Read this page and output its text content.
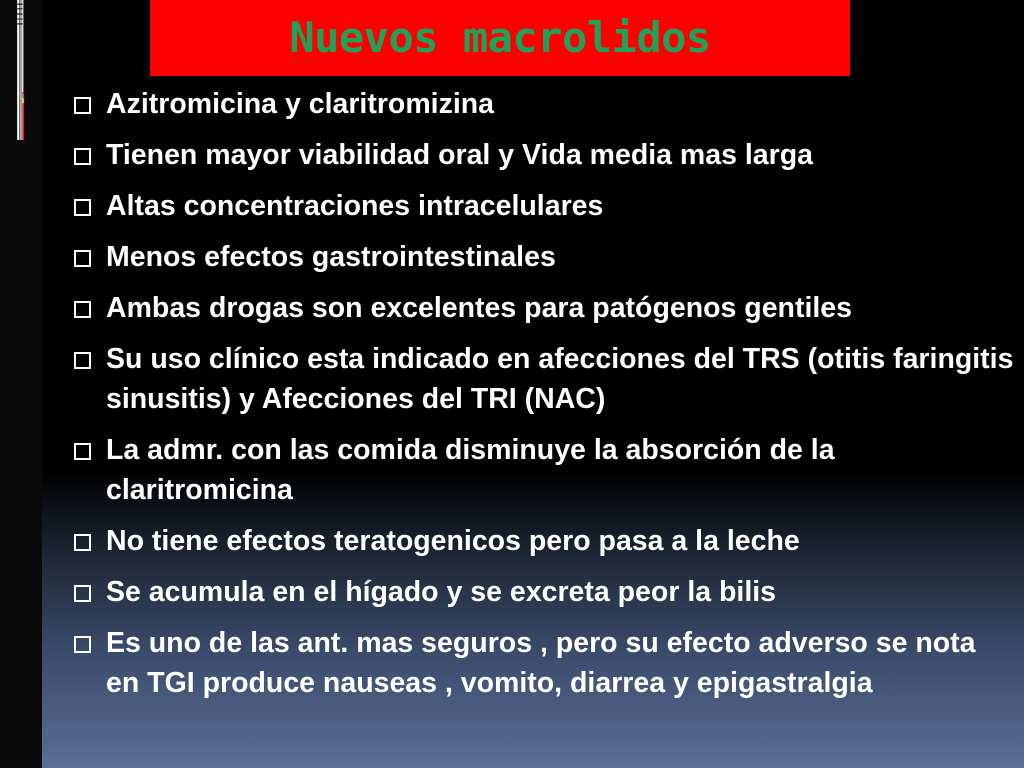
Nuevos macrolidos
Azitromicina y claritromizina
Tienen mayor viabilidad oral y Vida media mas larga
Altas concentraciones intracelulares
Menos efectos gastrointestinales
Ambas drogas son excelentes para patógenos gentiles
Su uso clínico esta indicado en afecciones del TRS (otitis faringitis sinusitis) y Afecciones del TRI (NAC)
La admr. con las comida disminuye la absorción de la claritromicina
No tiene efectos teratogenicos pero pasa a la leche
Se acumula en el hígado y se excreta peor la bilis
Es uno de las ant. mas seguros , pero su efecto adverso se nota en TGI produce nauseas , vomito, diarrea y epigastralgia
